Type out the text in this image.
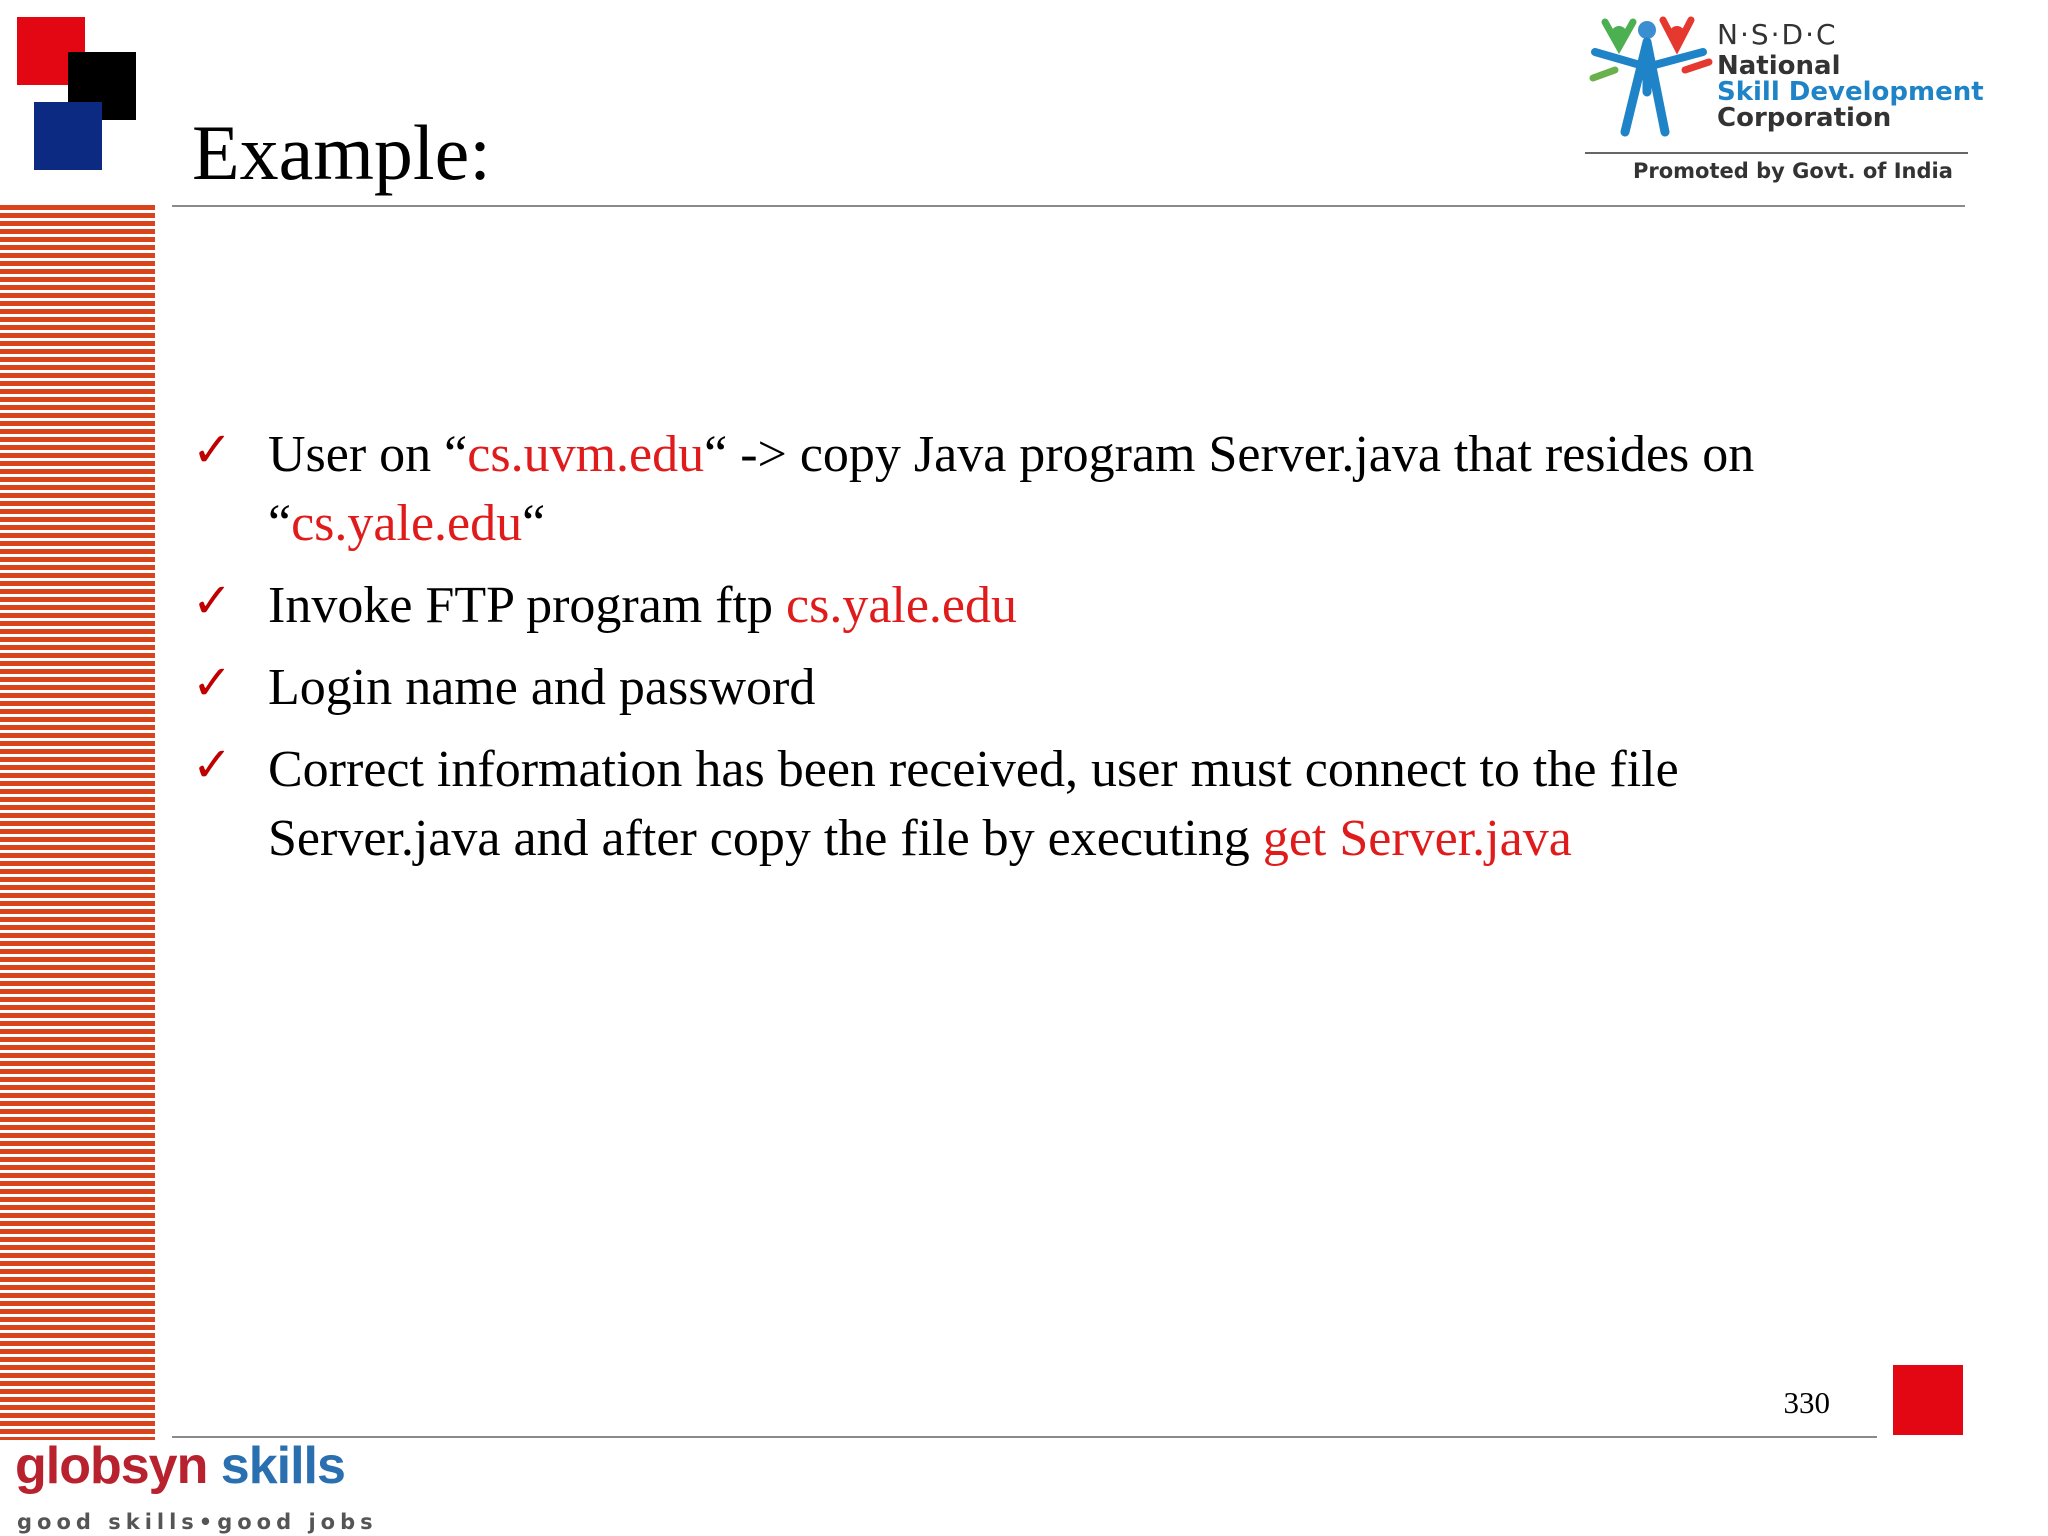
Example:
N·S·D·C
National
Skill Development
Corporation
Promoted by Govt. of India
✓ User on “cs.uvm.edu“ -> copy Java program Server.java that resides on “cs.yale.edu“
✓ Invoke FTP program ftp cs.yale.edu
✓ Login name and password
✓ Correct information has been received, user must connect to the file Server.java and after copy the file by executing get Server.java
330
globsyn skills
good skills•good jobs
